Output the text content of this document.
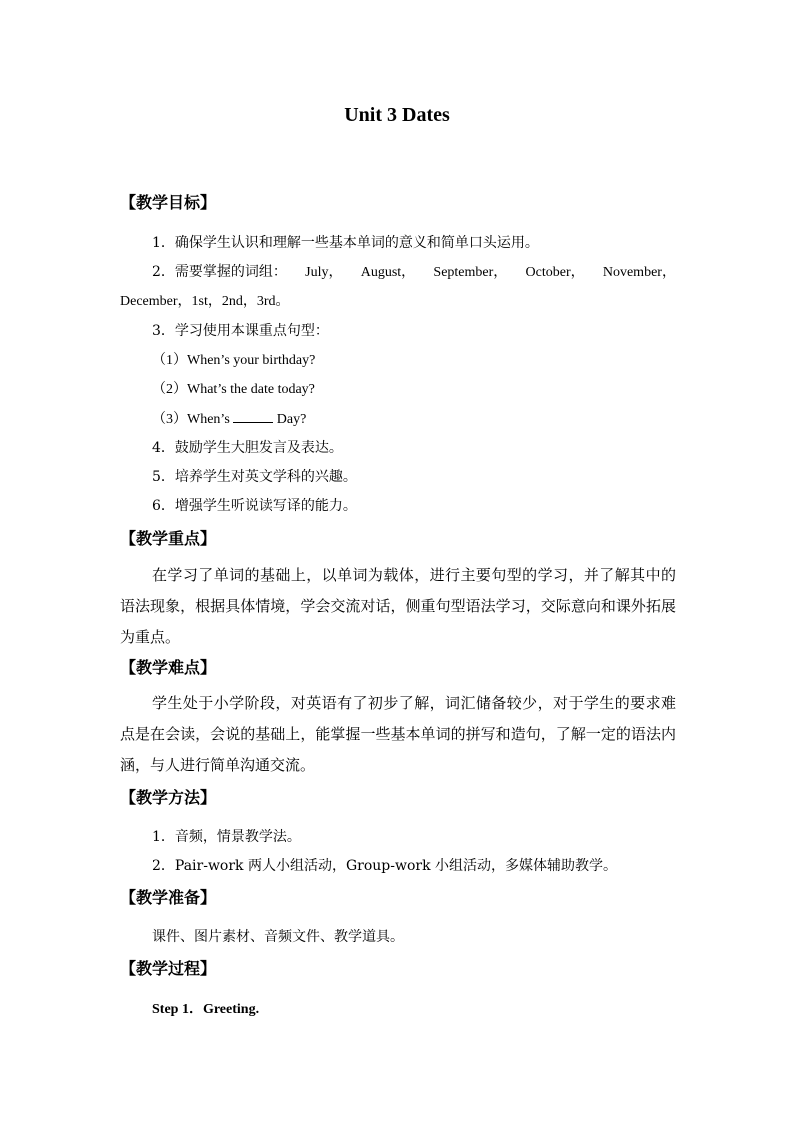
Unit 3 Dates
【教学目标】
1．确保学生认识和理解一些基本单词的意义和简单口头运用。
2．需要掌握的词组： July， August， September， October， November，
December，1st，2nd，3rd。
3．学习使用本课重点句型：
（1）When’s your birthday?
（2）What’s the date today?
（3）When’s	Day?
4．鼓励学生大胆发言及表达。
5．培养学生对英文学科的兴趣。
6．增强学生听说读写译的能力。
【教学重点】
在学习了单词的基础上，以单词为载体，进行主要句型的学习，并了解其中的语法现象，根据具体情境，学会交流对话，侧重句型语法学习，交际意向和课外拓展为重点。
【教学难点】
学生处于小学阶段，对英语有了初步了解，词汇储备较少，对于学生的要求难点是在会读，会说的基础上，能掌握一些基本单词的拼写和造句，了解一定的语法内涵，与人进行简单沟通交流。
【教学方法】
1．音频，情景教学法。
2．Pair-work 两人小组活动，Group-work 小组活动，多媒体辅助教学。
【教学准备】
课件、图片素材、音频文件、教学道具。
【教学过程】
Step 1．Greeting.
